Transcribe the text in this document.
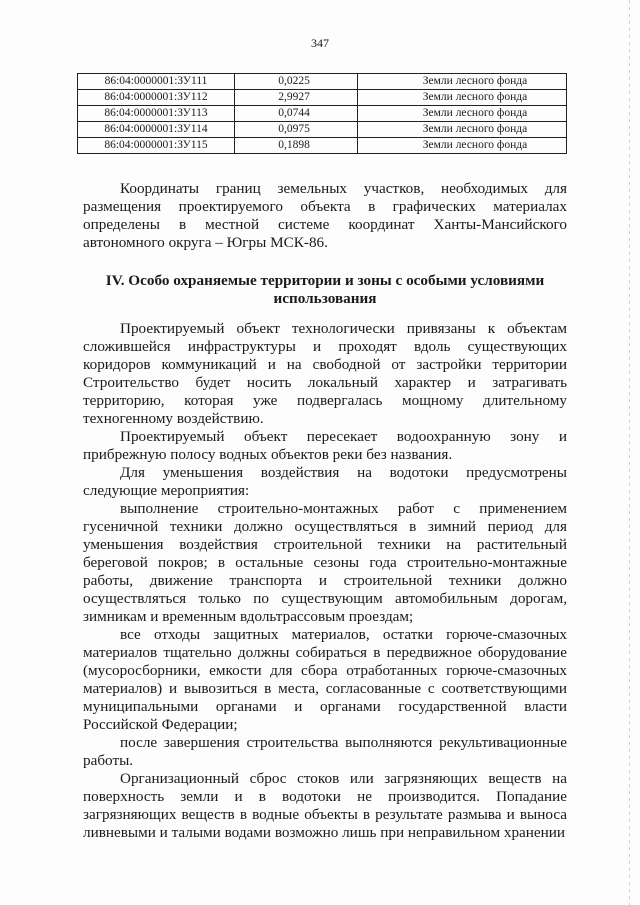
347
86:04:0000001:ЗУ111	0,0225	Земли лесного фонда
86:04:0000001:ЗУ112	2,9927	Земли лесного фонда
86:04:0000001:ЗУ113	0,0744	Земли лесного фонда
86:04:0000001:ЗУ114	0,0975	Земли лесного фонда
86:04:0000001:ЗУ115	0,1898	Земли лесного фонда

Координаты границ земельных участков, необходимых для размещения проектируемого объекта в графических материалах определены в местной системе координат Ханты-Мансийского автономного округа – Югры МСК-86.

IV. Особо охраняемые территории и зоны с особыми условиями использования

Проектируемый объект технологически привязаны к объектам сложившейся инфраструктуры и проходят вдоль существующих коридоров коммуникаций и на свободной от застройки территории Строительство будет носить локальный характер и затрагивать территорию, которая уже подвергалась мощному длительному техногенному воздействию.

Проектируемый объект пересекает водоохранную зону и прибрежную полосу водных объектов реки без названия.

Для уменьшения воздействия на водотоки предусмотрены следующие мероприятия:

выполнение строительно-монтажных работ с применением гусеничной техники должно осуществляться в зимний период для уменьшения воздействия строительной техники на растительный береговой покров; в остальные сезоны года строительно-монтажные работы, движение транспорта и строительной техники должно осуществляться только по существующим автомобильным дорогам, зимникам и временным вдольтрассовым проездам;

все отходы защитных материалов, остатки горюче-смазочных материалов тщательно должны собираться в передвижное оборудование (мусоросборники, емкости для сбора отработанных горюче-смазочных материалов) и вывозиться в места, согласованные с соответствующими муниципальными органами и органами государственной власти Российской Федерации;

после завершения строительства выполняются рекультивационные работы.

Организационный сброс стоков или загрязняющих веществ на поверхность земли и в водотоки не производится. Попадание загрязняющих веществ в водные объекты в результате размыва и выноса ливневыми и талыми водами возможно лишь при неправильном хранении
